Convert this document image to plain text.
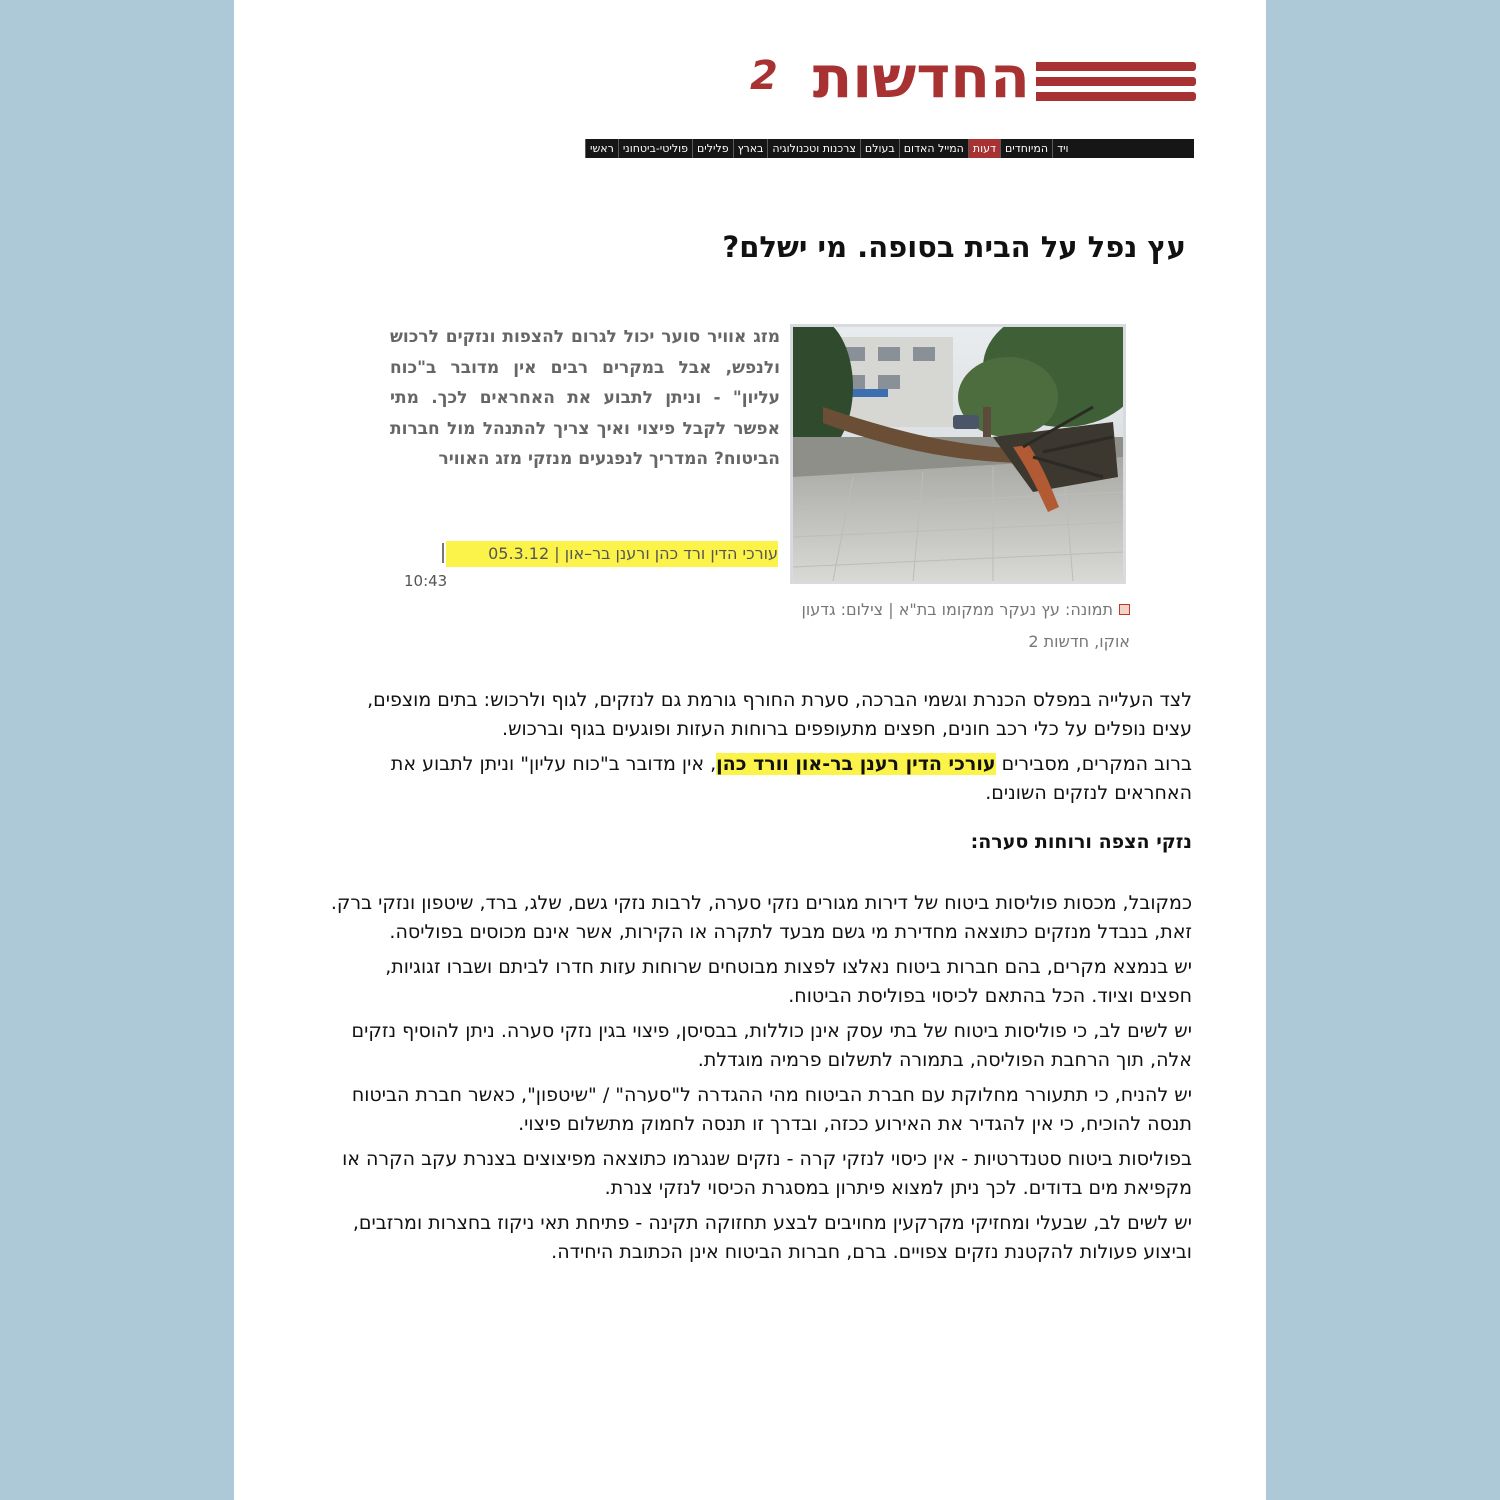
2 החדשות
ראשי פוליטי-ביטחוני פלילים בארץ צרכנות וטכנולוגיה בעולם המייל האדום דעות המיוחדים ויד
עץ נפל על הבית בסופה. מי ישלם?
תמונה: עץ נעקר ממקומו בת"א | צילום: גדעון אוקו, חדשות 2

מזג אוויר סוער יכול לגרום להצפות ונזקים לרכוש ולנפש, אבל במקרים רבים אין מדובר ב"כוח עליון" - וניתן לתבוע את האחראים לכך. מתי אפשר לקבל פיצוי ואיך צריך להתנהל מול חברות הביטוח? המדריך לנפגעים מנזקי מזג האוויר

עורכי הדין ורד כהן ורענן בר–און | 05.3.12
10:43

לצד העלייה במפלס הכנרת וגשמי הברכה, סערת החורף גורמת גם לנזקים, לגוף ולרכוש: בתים מוצפים, עצים נופלים על כלי רכב חונים, חפצים מתעופפים ברוחות העזות ופוגעים בגוף וברכוש.

ברוב המקרים, מסבירים עורכי הדין רענן בר-און וורד כהן, אין מדובר ב"כוח עליון" וניתן לתבוע את האחראים לנזקים השונים.

נזקי הצפה ורוחות סערה:

כמקובל, מכסות פוליסות ביטוח של דירות מגורים נזקי סערה, לרבות נזקי גשם, שלג, ברד, שיטפון ונזקי ברק. זאת, בנבדל מנזקים כתוצאה מחדירת מי גשם מבעד לתקרה או הקירות, אשר אינם מכוסים בפוליסה.

יש בנמצא מקרים, בהם חברות ביטוח נאלצו לפצות מבוטחים שרוחות עזות חדרו לביתם ושברו זגוגיות, חפצים וציוד. הכל בהתאם לכיסוי בפוליסת הביטוח.

יש לשים לב, כי פוליסות ביטוח של בתי עסק אינן כוללות, בבסיסן, פיצוי בגין נזקי סערה. ניתן להוסיף נזקים אלה, תוך הרחבת הפוליסה, בתמורה לתשלום פרמיה מוגדלת.

יש להניח, כי תתעורר מחלוקת עם חברת הביטוח מהי ההגדרה ל"סערה" / "שיטפון", כאשר חברת הביטוח תנסה להוכיח, כי אין להגדיר את האירוע ככזה, ובדרך זו תנסה לחמוק מתשלום פיצוי.

בפוליסות ביטוח סטנדרטיות - אין כיסוי לנזקי קרה - נזקים שנגרמו כתוצאה מפיצוצים בצנרת עקב הקרה או מקפיאת מים בדודים. לכך ניתן למצוא פיתרון במסגרת הכיסוי לנזקי צנרת.

יש לשים לב, שבעלי ומחזיקי מקרקעין מחויבים לבצע תחזוקה תקינה - פתיחת תאי ניקוז בחצרות ומרזבים, וביצוע פעולות להקטנת נזקים צפויים. ברם, חברות הביטוח אינן הכתובת היחידה.
